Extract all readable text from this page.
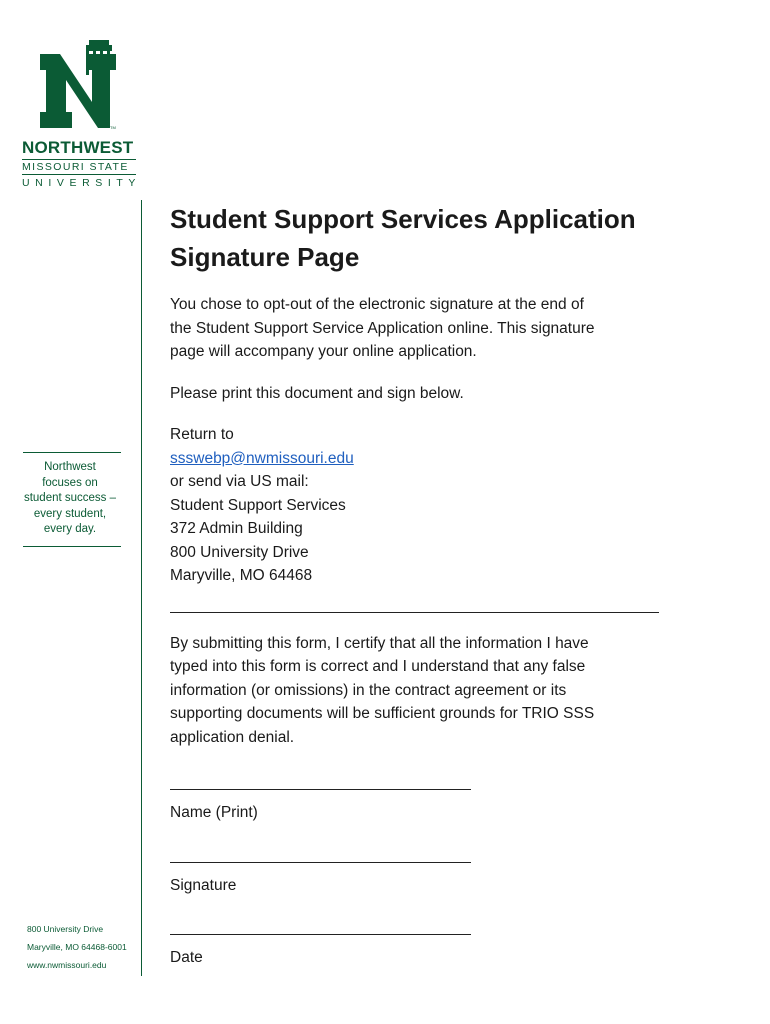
TM
NORTHWEST
MISSOURI STATE
UNIVERSITY
Northwest
focuses on
student success –
every student,
every day.
800 University Drive
Maryville, MO 64468-6001
www.nwmissouri.edu
Student Support Services Application
Signature Page

You chose to opt-out of the electronic signature at the end of
the Student Support Service Application online. This signature
page will accompany your online application.

Please print this document and sign below.

Return to
ssswebp@nwmissouri.edu
or send via US mail:
Student Support Services
372 Admin Building
800 University Drive
Maryville, MO 64468

By submitting this form, I certify that all the information I have
typed into this form is correct and I understand that any false
information (or omissions) in the contract agreement or its
supporting documents will be sufficient grounds for TRIO SSS
application denial.

Name (Print)

Signature

Date
